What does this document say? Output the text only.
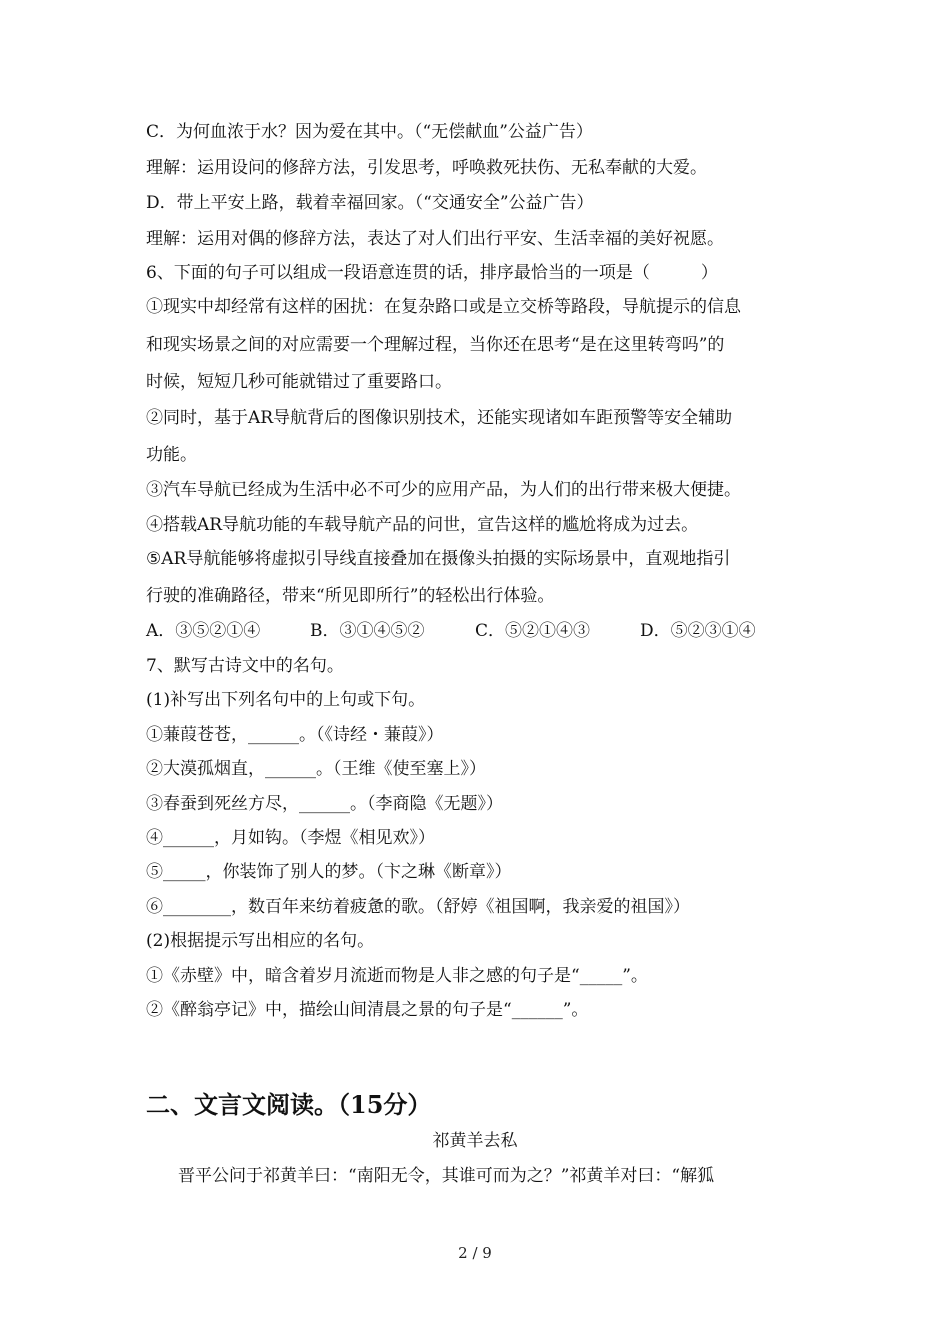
C．为何血浓于水？因为爱在其中。（“无偿献血”公益广告）
理解：运用设问的修辞方法，引发思考，呼唤救死扶伤、无私奉献的大爱。
D．带上平安上路，载着幸福回家。（“交通安全”公益广告）
理解：运用对偶的修辞方法，表达了对人们出行平安、生活幸福的美好祝愿。
6、下面的句子可以组成一段语意连贯的话，排序最恰当的一项是（　　　）
①现实中却经常有这样的困扰：在复杂路口或是立交桥等路段，导航提示的信息
和现实场景之间的对应需要一个理解过程，当你还在思考“是在这里转弯吗”的
时候，短短几秒可能就错过了重要路口。
②同时，基于AR导航背后的图像识别技术，还能实现诸如车距预警等安全辅助
功能。
③汽车导航已经成为生活中必不可少的应用产品，为人们的出行带来极大便捷。
④搭载AR导航功能的车载导航产品的问世，宣告这样的尴尬将成为过去。
⑤AR导航能够将虚拟引导线直接叠加在摄像头拍摄的实际场景中，直观地指引
行驶的准确路径，带来“所见即所行”的轻松出行体验。
A．③⑤②①④	B．③①④⑤②	C．⑤②①④③	D．⑤②③①④
7、默写古诗文中的名句。
(1)补写出下列名句中的上句或下句。
①蒹葭苍苍，______。（《诗经・蒹葭》）
②大漠孤烟直，______。（王维《使至塞上》）
③春蚕到死丝方尽，______。（李商隐《无题》）
④______，月如钩。（李煜《相见欢》）
⑤_____，你装饰了别人的梦。（卞之琳《断章》）
⑥________，数百年来纺着疲惫的歌。（舒婷《祖国啊，我亲爱的祖国》）
(2)根据提示写出相应的名句。
①《赤壁》中，暗含着岁月流逝而物是人非之感的句子是“_____”。
②《醉翁亭记》中，描绘山间清晨之景的句子是“______”。
二、文言文阅读。（15分）
祁黄羊去私
晋平公问于祁黄羊曰：“南阳无令，其谁可而为之？”祁黄羊对曰：“解狐
2 / 9
